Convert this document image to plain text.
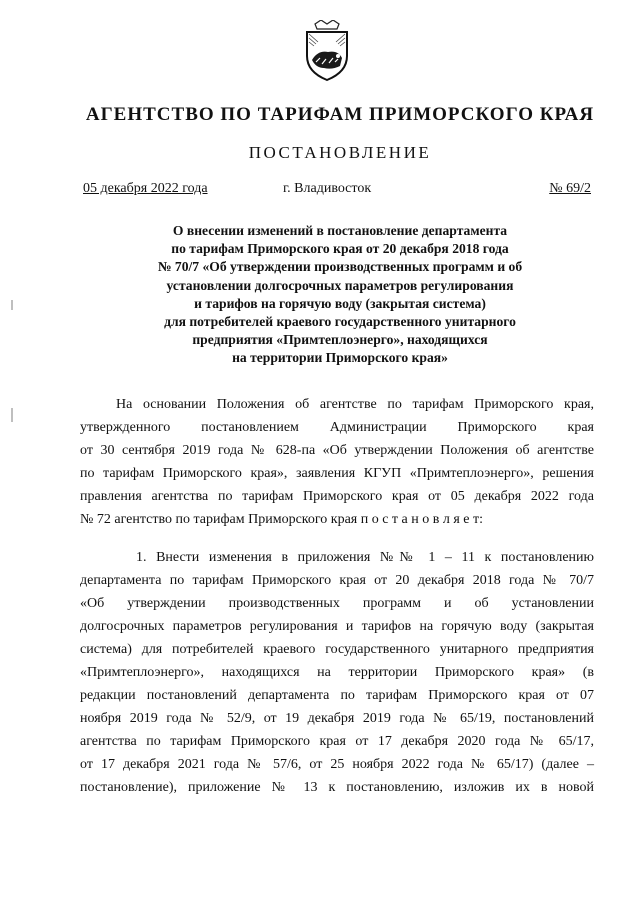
АГЕНТСТВО ПО ТАРИФАМ ПРИМОРСКОГО КРАЯ
ПОСТАНОВЛЕНИЕ
05 декабря 2022 года	г. Владивосток	№ 69/2
О внесении изменений в постановление департамента
по тарифам Приморского края от 20 декабря 2018 года
№ 70/7 «Об утверждении производственных программ и об
установлении долгосрочных параметров регулирования
и тарифов на горячую воду (закрытая система)
для потребителей краевого государственного унитарного
предприятия «Примтеплоэнерго», находящихся
на территории Приморского края»
На основании Положения об агентстве по тарифам Приморского края,
утвержденного постановлением Администрации Приморского края
от 30 сентября 2019 года № 628-па «Об утверждении Положения об агентстве
по тарифам Приморского края», заявления КГУП «Примтеплоэнерго», решения
правления агентства по тарифам Приморского края от 05 декабря 2022 года
№ 72 агентство по тарифам Приморского края п о с т а н о в л я е т:
1. Внести изменения в приложения №№ 1 – 11 к постановлению
департамента по тарифам Приморского края от 20 декабря 2018 года № 70/7
«Об утверждении производственных программ и об установлении
долгосрочных параметров регулирования и тарифов на горячую воду (закрытая
система) для потребителей краевого государственного унитарного предприятия
«Примтеплоэнерго», находящихся на территории Приморского края» (в
редакции постановлений департамента по тарифам Приморского края от 07
ноября 2019 года № 52/9, от 19 декабря 2019 года № 65/19, постановлений
агентства по тарифам Приморского края от 17 декабря 2020 года № 65/17,
от 17 декабря 2021 года № 57/6, от 25 ноября 2022 года № 65/17) (далее –
постановление), приложение № 13 к постановлению, изложив их в новой
